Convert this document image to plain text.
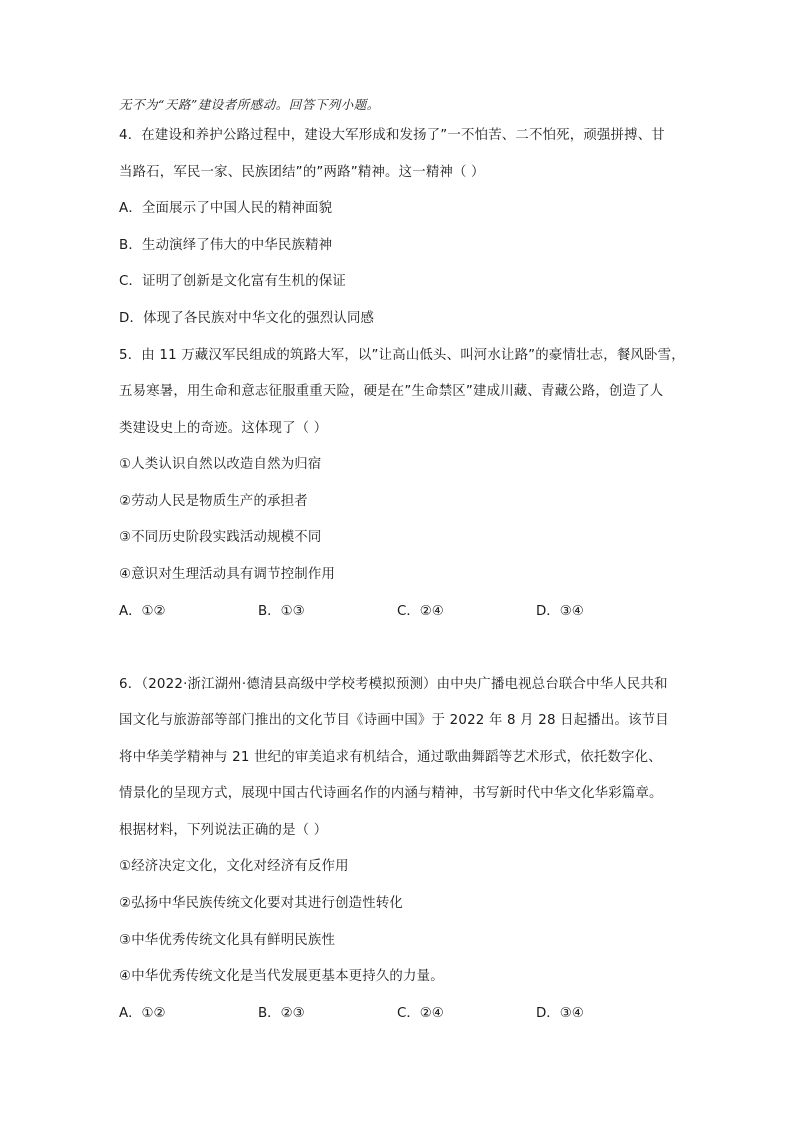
无不为“天路”建设者所感动。回答下列小题。
4．在建设和养护公路过程中，建设大军形成和发扬了”一不怕苦、二不怕死，顽强拼搏、甘
当路石，军民一家、民族团结”的”两路”精神。这一精神（ ）
A．全面展示了中国人民的精神面貌
B．生动演绎了伟大的中华民族精神
C．证明了创新是文化富有生机的保证
D．体现了各民族对中华文化的强烈认同感
5．由 11 万藏汉军民组成的筑路大军，以”让高山低头、叫河水让路”的豪情壮志，餐风卧雪，
五易寒暑，用生命和意志征服重重天险，硬是在”生命禁区”建成川藏、青藏公路，创造了人
类建设史上的奇迹。这体现了（ ）
①人类认识自然以改造自然为归宿
②劳动人民是物质生产的承担者
③不同历史阶段实践活动规模不同
④意识对生理活动具有调节控制作用
A．①②	B．①③	C．②④	D．③④
6．（2022·浙江湖州·德清县高级中学校考模拟预测）由中央广播电视总台联合中华人民共和
国文化与旅游部等部门推出的文化节目《诗画中国》于 2022 年 8 月 28 日起播出。该节目
将中华美学精神与 21 世纪的审美追求有机结合，通过歌曲舞蹈等艺术形式，依托数字化、
情景化的呈现方式，展现中国古代诗画名作的内涵与精神，书写新时代中华文化华彩篇章。
根据材料，下列说法正确的是（ ）
①经济决定文化，文化对经济有反作用
②弘扬中华民族传统文化要对其进行创造性转化
③中华优秀传统文化具有鲜明民族性
④中华优秀传统文化是当代发展更基本更持久的力量。
A．①②	B．②③	C．②④	D．③④
